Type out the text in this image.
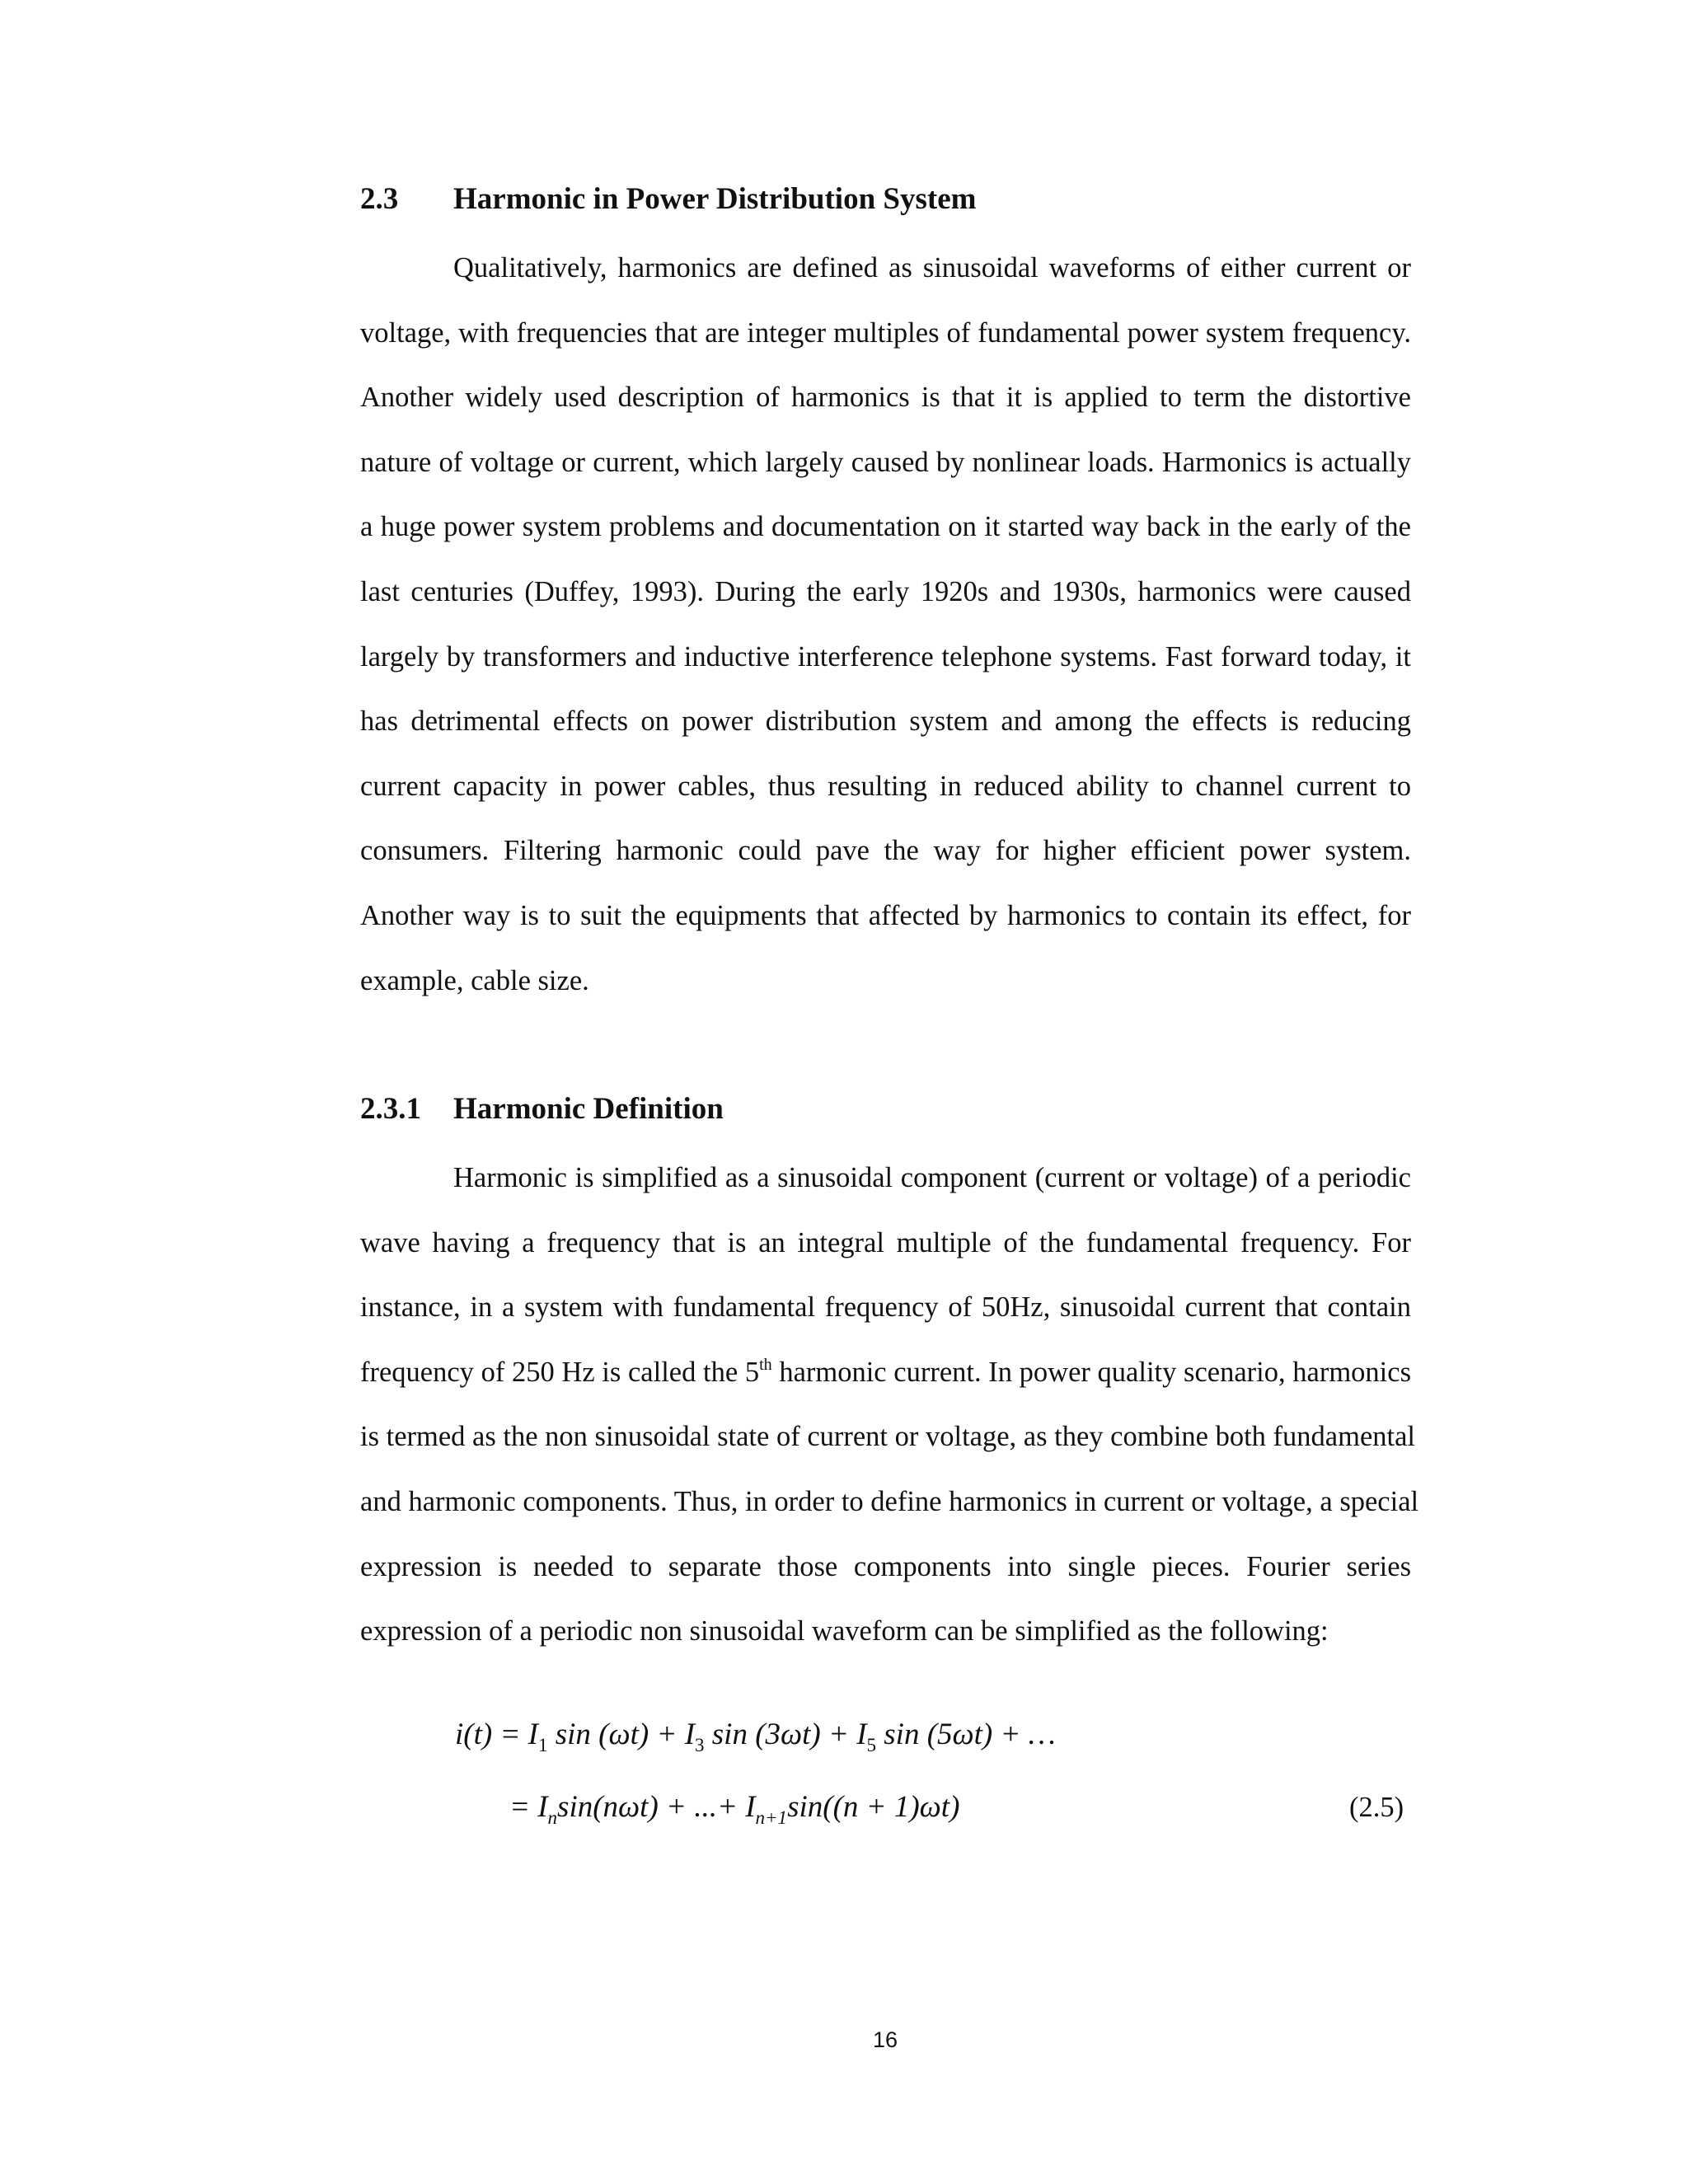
2.3 Harmonic in Power Distribution System
Qualitatively, harmonics are defined as sinusoidal waveforms of either current or
voltage, with frequencies that are integer multiples of fundamental power system frequency.
Another widely used description of harmonics is that it is applied to term the distortive
nature of voltage or current, which largely caused by nonlinear loads. Harmonics is actually
a huge power system problems and documentation on it started way back in the early of the
last centuries (Duffey, 1993). During the early 1920s and 1930s, harmonics were caused
largely by transformers and inductive interference telephone systems. Fast forward today, it
has detrimental effects on power distribution system and among the effects is reducing
current capacity in power cables, thus resulting in reduced ability to channel current to
consumers. Filtering harmonic could pave the way for higher efficient power system.
Another way is to suit the equipments that affected by harmonics to contain its effect, for
example, cable size.
2.3.1 Harmonic Definition
Harmonic is simplified as a sinusoidal component (current or voltage) of a periodic
wave having a frequency that is an integral multiple of the fundamental frequency. For
instance, in a system with fundamental frequency of 50Hz, sinusoidal current that contain
frequency of 250 Hz is called the 5th harmonic current. In power quality scenario, harmonics
is termed as the non sinusoidal state of current or voltage, as they combine both fundamental
and harmonic components. Thus, in order to define harmonics in current or voltage, a special
expression is needed to separate those components into single pieces. Fourier series
expression of a periodic non sinusoidal waveform can be simplified as the following:
$i(t) = I_1$ $\sin (\omega t) + I_3$ $\sin (3\omega t) + I_5$ sin (5ωt) + …
= $I_n\sin(n\omega t)$ + ...+ $I_{n+1}\sin((n + 1)\omega t)$	(2.5)
16
